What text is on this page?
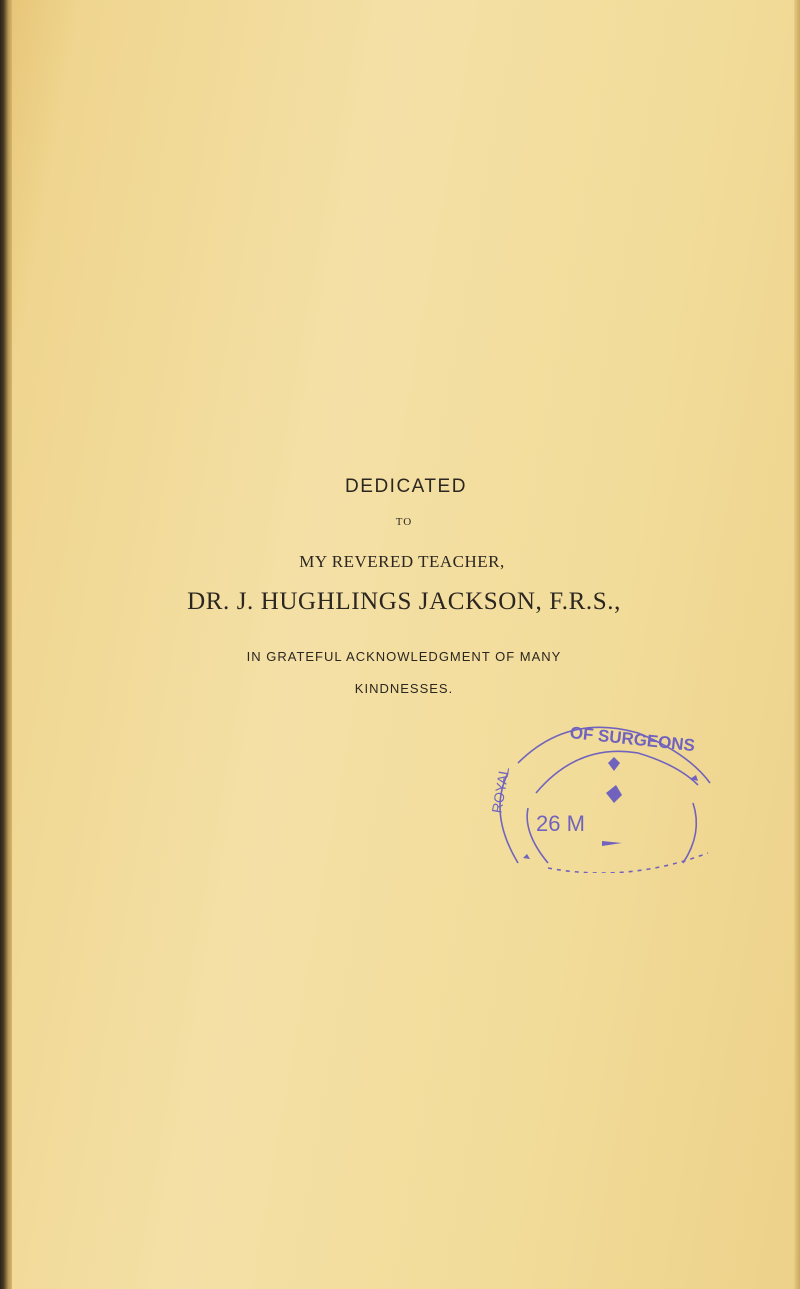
DEDICATED
TO
MY REVERED TEACHER,
DR. J. HUGHLINGS JACKSON, F.R.S.,
IN GRATEFUL ACKNOWLEDGMENT OF MANY
KINDNESSES.
OF SURGEONS
ROYAL
26 M
